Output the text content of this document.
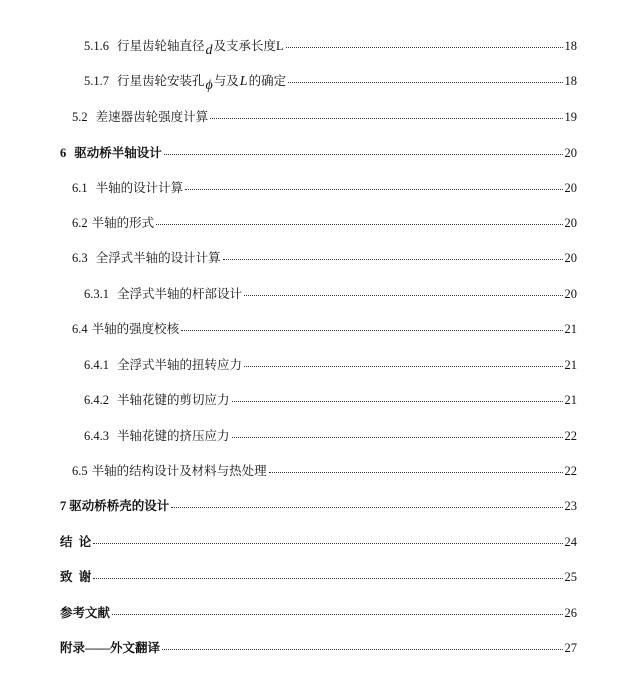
5.1.6 行星齿轮轴直径d及支承长度L	18
5.1.7 行星齿轮安装孔ϕ与及L的确定	18
5.2 差速器齿轮强度计算	19
6 驱动桥半轴设计	20
6.1 半轴的设计计算	20
6.2 半轴的形式	20
6.3 全浮式半轴的设计计算	20
6.3.1 全浮式半轴的杆部设计	20
6.4 半轴的强度校核	21
6.4.1 全浮式半轴的扭转应力	21
6.4.2 半轴花键的剪切应力	21
6.4.3 半轴花键的挤压应力	22
6.5 半轴的结构设计及材料与热处理	22
7 驱动桥桥壳的设计	23
结  论	24
致  谢	25
参考文献	26
附录——外文翻译	27
